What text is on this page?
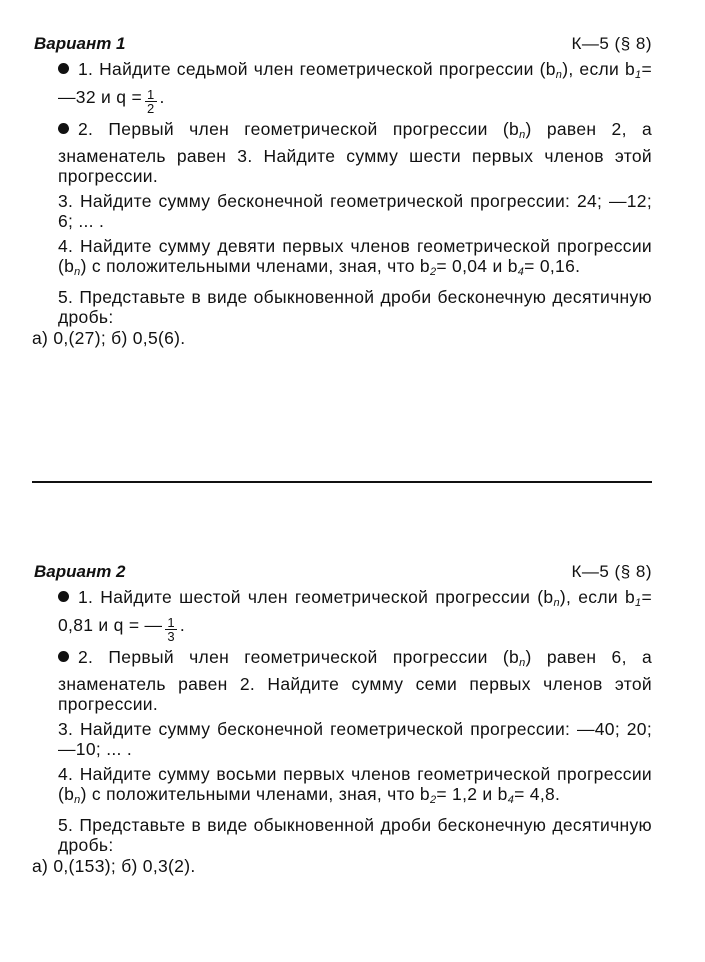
Вариант 1	К—5 (§ 8)

1. Найдите седьмой член геометрической прогрессии $(b_n)$, если $b_1=$ —32 и $q = \frac{1}{2}$ .

2. Первый член геометрической прогрессии $(b_n)$ равен 2, а знаменатель равен 3. Найдите сумму шести первых членов этой прогрессии.

3. Найдите сумму бесконечной геометрической прогрессии: 24; —12; 6; ... .

4. Найдите сумму девяти первых членов геометрической прогрессии $(b_n)$ с положительными членами, зная, что $b_2= 0,04$ и $b_4= 0,16$.

5. Представьте в виде обыкновенной дроби бесконечную десятичную дробь:

а) 0,(27); б) 0,5(6).

Вариант 2	К—5 (§ 8)

1. Найдите шестой член геометрической прогрессии $(b_n)$, если $b_1= 0,81$ и q = — $\frac{1}{3}$ .

2. Первый член геометрической прогрессии $(b_n)$ равен 6, а знаменатель равен 2. Найдите сумму семи первых членов этой прогрессии.

3. Найдите сумму бесконечной геометрической прогрессии: —40; 20; —10; ... .

4. Найдите сумму восьми первых членов геометрической прогрессии $(b_n)$ с положительными членами, зная, что $b_2= 1,2$ и $b_4= 4,8$.

5. Представьте в виде обыкновенной дроби бесконечную десятичную дробь:

а) 0,(153); б) 0,3(2).
